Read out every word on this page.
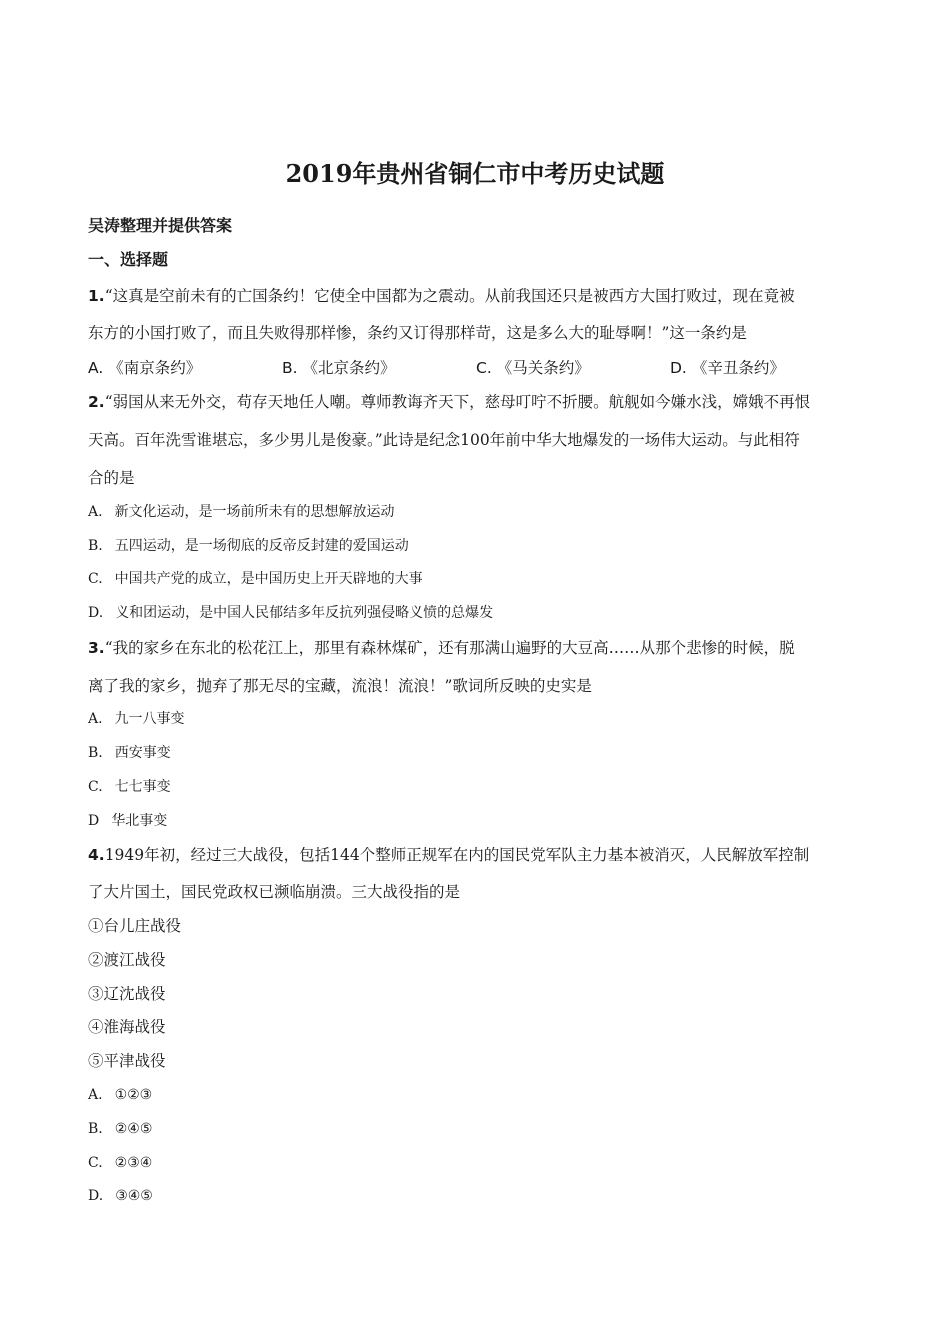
2019年贵州省铜仁市中考历史试题
吴涛整理并提供答案
一、选择题
1.“这真是空前未有的亡国条约！它使全中国都为之震动。从前我国还只是被西方大国打败过，现在竟被
东方的小国打败了，而且失败得那样惨，条约又订得那样苛，这是多么大的耻辱啊！”这一条约是
A. 《南京条约》	B. 《北京条约》	C. 《马关条约》	D. 《辛丑条约》
2.“弱国从来无外交，苟存天地任人嘲。尊师教诲齐天下，慈母叮咛不折腰。航舰如今嫌水浅，嫦娥不再恨
天高。百年洗雪谁堪忘，多少男儿是俊豪。”此诗是纪念100年前中华大地爆发的一场伟大运动。与此相符
合的是
A. 新文化运动，是一场前所未有的思想解放运动
B. 五四运动，是一场彻底的反帝反封建的爱国运动
C. 中国共产党的成立，是中国历史上开天辟地的大事
D. 义和团运动，是中国人民郁结多年反抗列强侵略义愤的总爆发
3.“我的家乡在东北的松花江上，那里有森林煤矿，还有那满山遍野的大豆高……从那个悲惨的时候，脱
离了我的家乡，抛弃了那无尽的宝藏，流浪！流浪！”歌词所反映的史实是
A. 九一八事变
B. 西安事变
C. 七七事变
D 华北事变
4.1949年初，经过三大战役，包括144个整师正规军在内的国民党军队主力基本被消灭，人民解放军控制
了大片国土，国民党政权已濒临崩溃。三大战役指的是
①台儿庄战役
②渡江战役
③辽沈战役
④淮海战役
⑤平津战役
A. ①②③
B. ②④⑤
C. ②③④
D. ③④⑤
